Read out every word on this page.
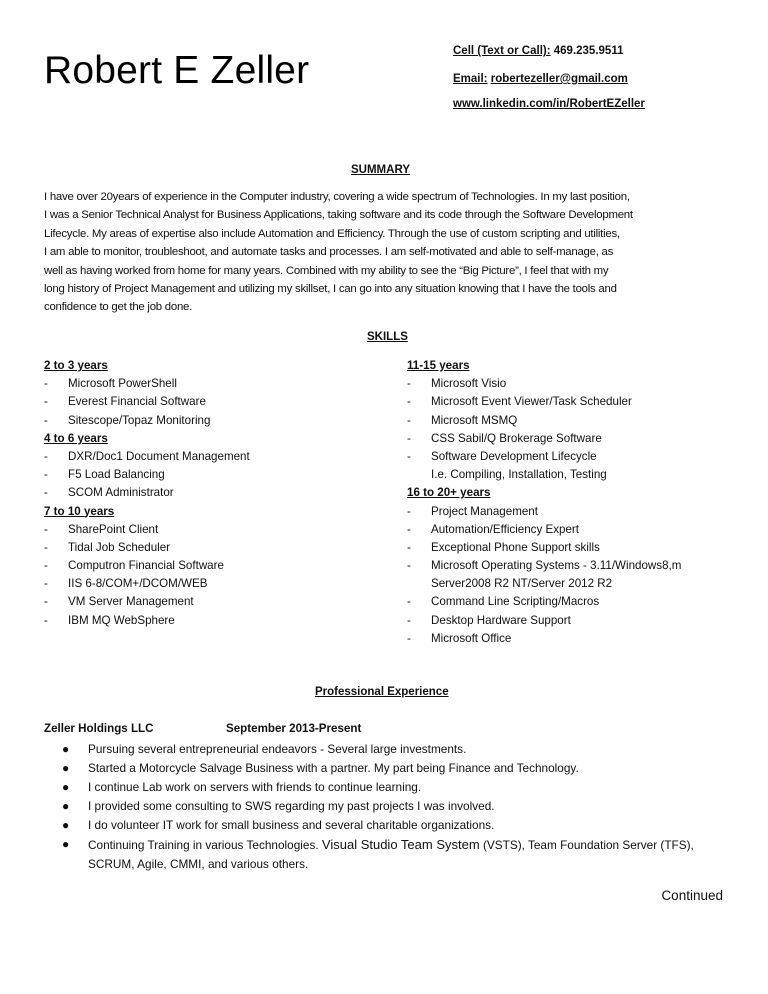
Robert E Zeller	Cell (Text or Call): 469.235.9511
Email: robertezeller@gmail.com
www.linkedin.com/in/RobertEZeller
SUMMARY
I have over 20years of experience in the Computer industry, covering a wide spectrum of Technologies. In my last position,
I was a Senior Technical Analyst for Business Applications, taking software and its code through the Software Development
Lifecycle. My areas of expertise also include Automation and Efficiency. Through the use of custom scripting and utilities,
I am able to monitor, troubleshoot, and automate tasks and processes. I am self-motivated and able to self-manage, as
well as having worked from home for many years. Combined with my ability to see the “Big Picture”, I feel that with my
long history of Project Management and utilizing my skillset, I can go into any situation knowing that I have the tools and
confidence to get the job done.
SKILLS
2 to 3 years
- Microsoft PowerShell
- Everest Financial Software
- Sitescope/Topaz Monitoring
4 to 6 years
- DXR/Doc1 Document Management
- F5 Load Balancing
- SCOM Administrator
7 to 10 years
- SharePoint Client
- Tidal Job Scheduler
- Computron Financial Software
- IIS 6-8/COM+/DCOM/WEB
- VM Server Management
- IBM MQ WebSphere
11-15 years
- Microsoft Visio
- Microsoft Event Viewer/Task Scheduler
- Microsoft MSMQ
- CSS Sabil/Q Brokerage Software
- Software Development Lifecycle
I.e. Compiling, Installation, Testing
16 to 20+ years
- Project Management
- Automation/Efficiency Expert
- Exceptional Phone Support skills
- Microsoft Operating Systems - 3.11/Windows8,m
Server2008 R2 NT/Server 2012 R2
- Command Line Scripting/Macros
- Desktop Hardware Support
- Microsoft Office
Professional Experience
Zeller Holdings LLC	September 2013-Present
● Pursuing several entrepreneurial endeavors - Several large investments.
● Started a Motorcycle Salvage Business with a partner. My part being Finance and Technology.
● I continue Lab work on servers with friends to continue learning.
● I provided some consulting to SWS regarding my past projects I was involved.
● I do volunteer IT work for small business and several charitable organizations.
● Continuing Training in various Technologies. Visual Studio Team System (VSTS), Team Foundation Server (TFS),
SCRUM, Agile, CMMI, and various others.
Continued
